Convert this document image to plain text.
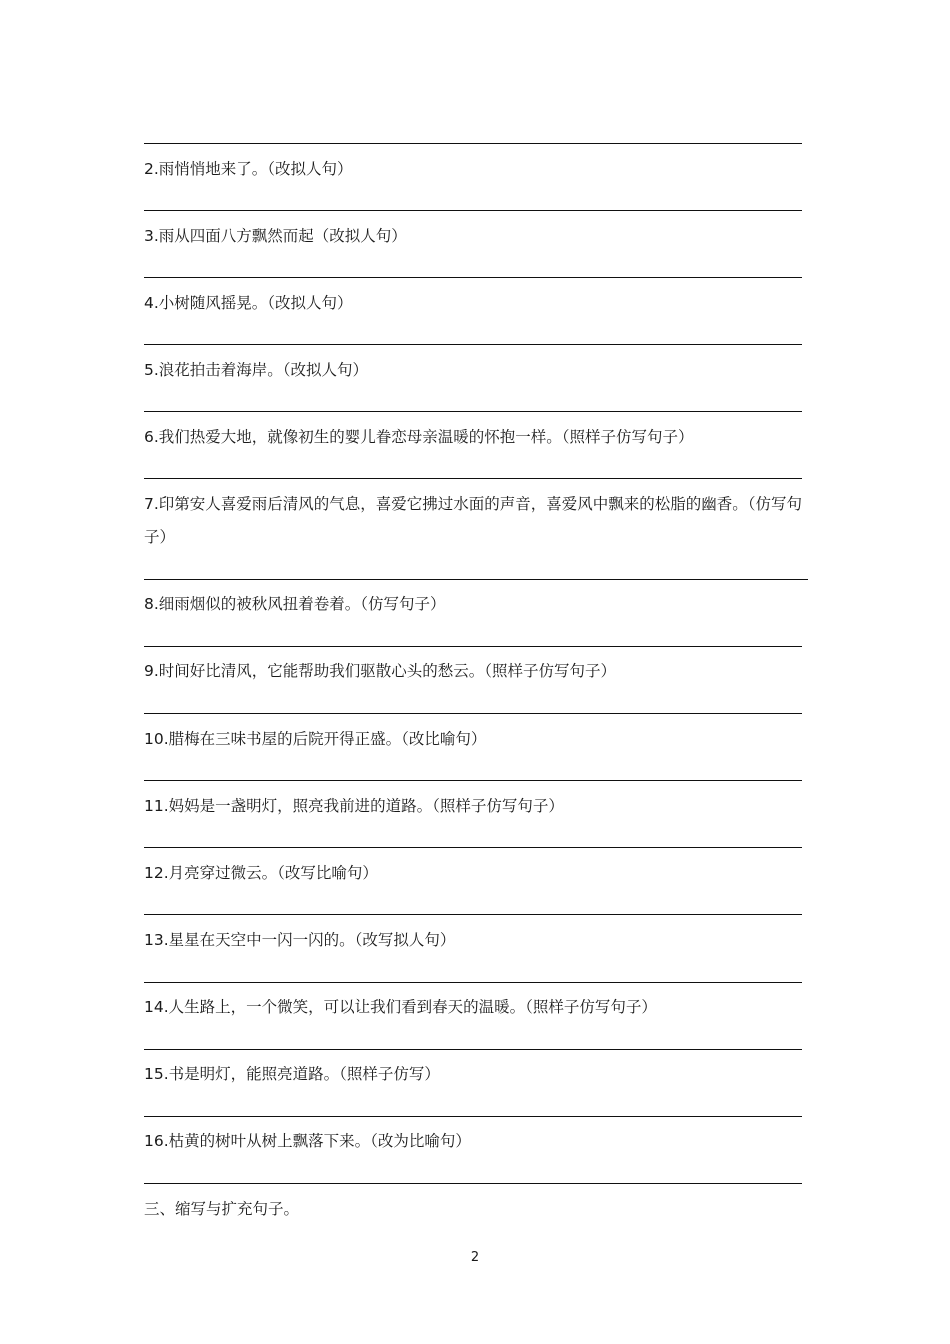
2.雨悄悄地来了。（改拟人句）
3.雨从四面八方飘然而起（改拟人句）
4.小树随风摇晃。（改拟人句）
5.浪花拍击着海岸。（改拟人句）
6.我们热爱大地，就像初生的婴儿眷恋母亲温暖的怀抱一样。（照样子仿写句子）
7.印第安人喜爱雨后清风的气息，喜爱它拂过水面的声音，喜爱风中飘来的松脂的幽香。（仿写句子）
8.细雨烟似的被秋风扭着卷着。（仿写句子）
9.时间好比清风，它能帮助我们驱散心头的愁云。（照样子仿写句子）
10.腊梅在三味书屋的后院开得正盛。（改比喻句）
11.妈妈是一盏明灯，照亮我前进的道路。（照样子仿写句子）
12.月亮穿过微云。（改写比喻句）
13.星星在天空中一闪一闪的。（改写拟人句）
14.人生路上，一个微笑，可以让我们看到春天的温暖。（照样子仿写句子）
15.书是明灯，能照亮道路。（照样子仿写）
16.枯黄的树叶从树上飘落下来。（改为比喻句）
三、缩写与扩充句子。
2
